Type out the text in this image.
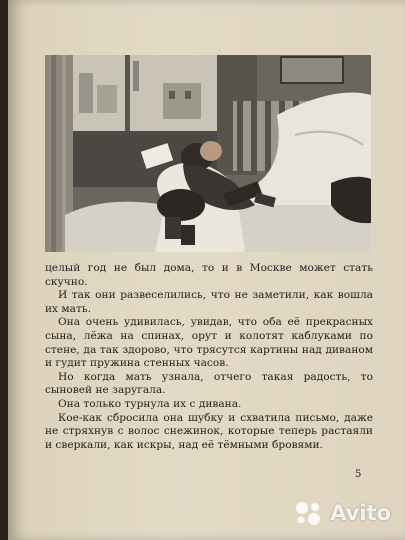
целый год не был дома, то и в Москве может стать скучно.

И так они развеселились, что не заметили, как вошла их мать.

Она очень удивилась, увидав, что оба её прекрасных сына, лёжа на спинах, орут и колотят каблуками по стене, да так здорово, что трясутся картины над диваном и гудит пружина стенных часов.

Но когда мать узнала, отчего такая радость, то сыновей не заругала.

Она только турнула их с дивана.

Кое-как сбросила она шубку и схватила письмо, даже не стряхнув с волос снежинок, которые теперь растаяли и сверкали, как искры, над её тёмными бровями.

5
Avito
